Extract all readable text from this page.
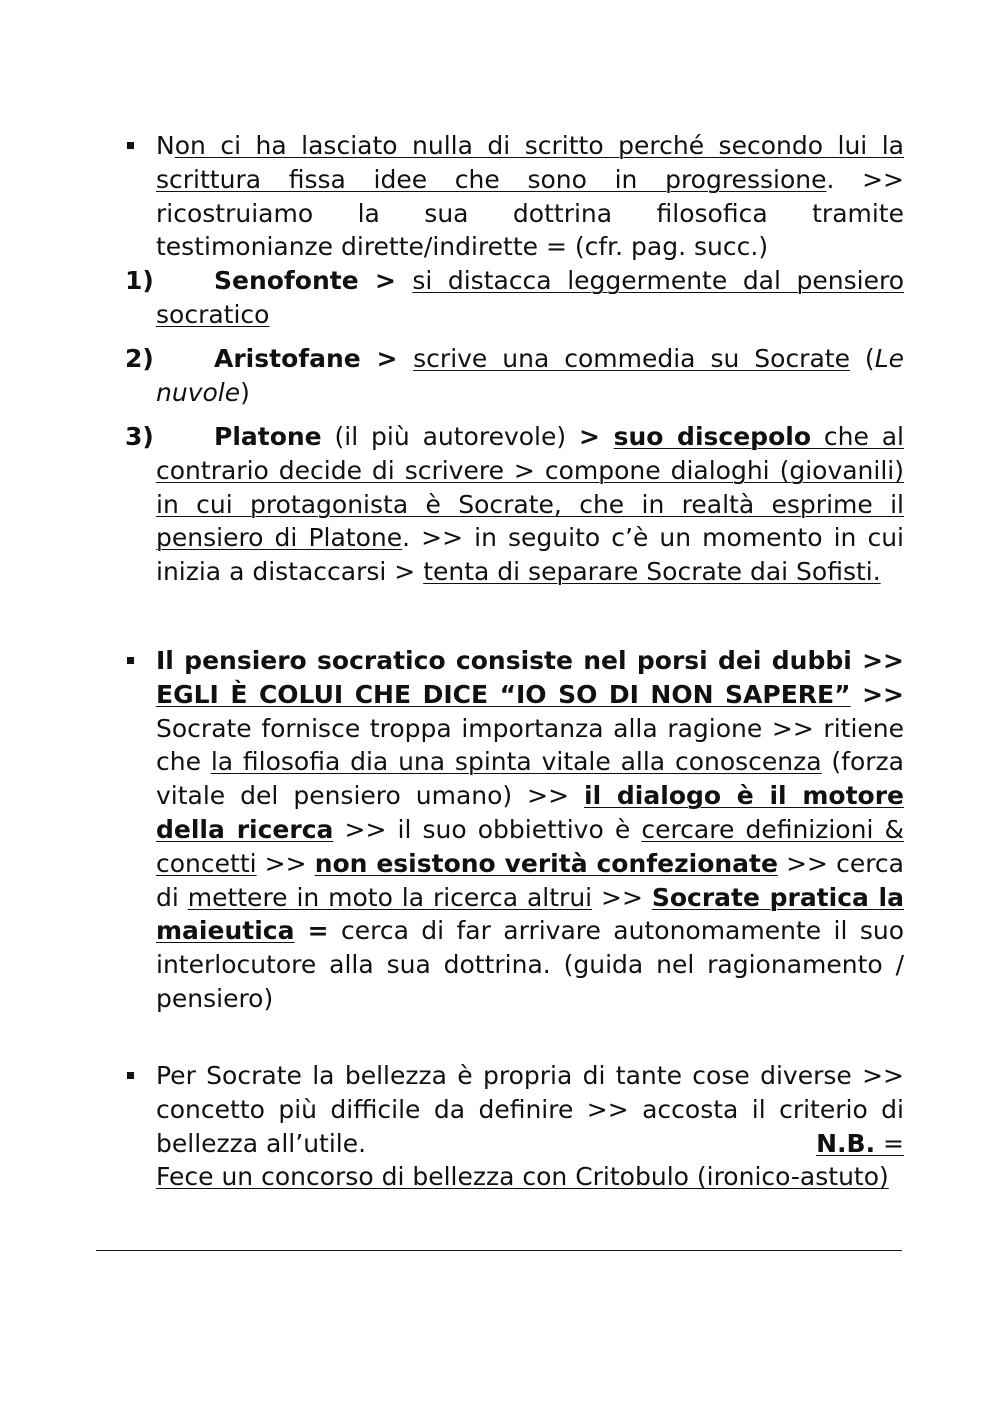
Non ci ha lasciato nulla di scritto perché secondo lui la scrittura fissa idee che sono in progressione. >> ricostruiamo la sua dottrina filosofica tramite testimonianze dirette/indirette = (cfr. pag. succ.)
1)	Senofonte > si distacca leggermente dal pensiero socratico
2)	Aristofane > scrive una commedia su Socrate (Le nuvole)
3)	Platone (il più autorevole) > suo discepolo che al contrario decide di scrivere > compone dialoghi (giovanili) in cui protagonista è Socrate, che in realtà esprime il pensiero di Platone. >> in seguito c’è un momento in cui inizia a distaccarsi > tenta di separare Socrate dai Sofisti.
Il pensiero socratico consiste nel porsi dei dubbi >> EGLI È COLUI CHE DICE “IO SO DI NON SAPERE” >> Socrate fornisce troppa importanza alla ragione >> ritiene che la filosofia dia una spinta vitale alla conoscenza (forza vitale del pensiero umano) >> il dialogo è il motore della ricerca >> il suo obbiettivo è cercare definizioni & concetti >> non esistono verità confezionate >> cerca di mettere in moto la ricerca altrui >> Socrate pratica la maieutica = cerca di far arrivare autonomamente il suo interlocutore alla sua dottrina. (guida nel ragionamento / pensiero)
Per Socrate la bellezza è propria di tante cose diverse >> concetto più difficile da definire >> accosta il criterio di bellezza all’utile.	N.B. =
Fece un concorso di bellezza con Critobulo (ironico-astuto)
